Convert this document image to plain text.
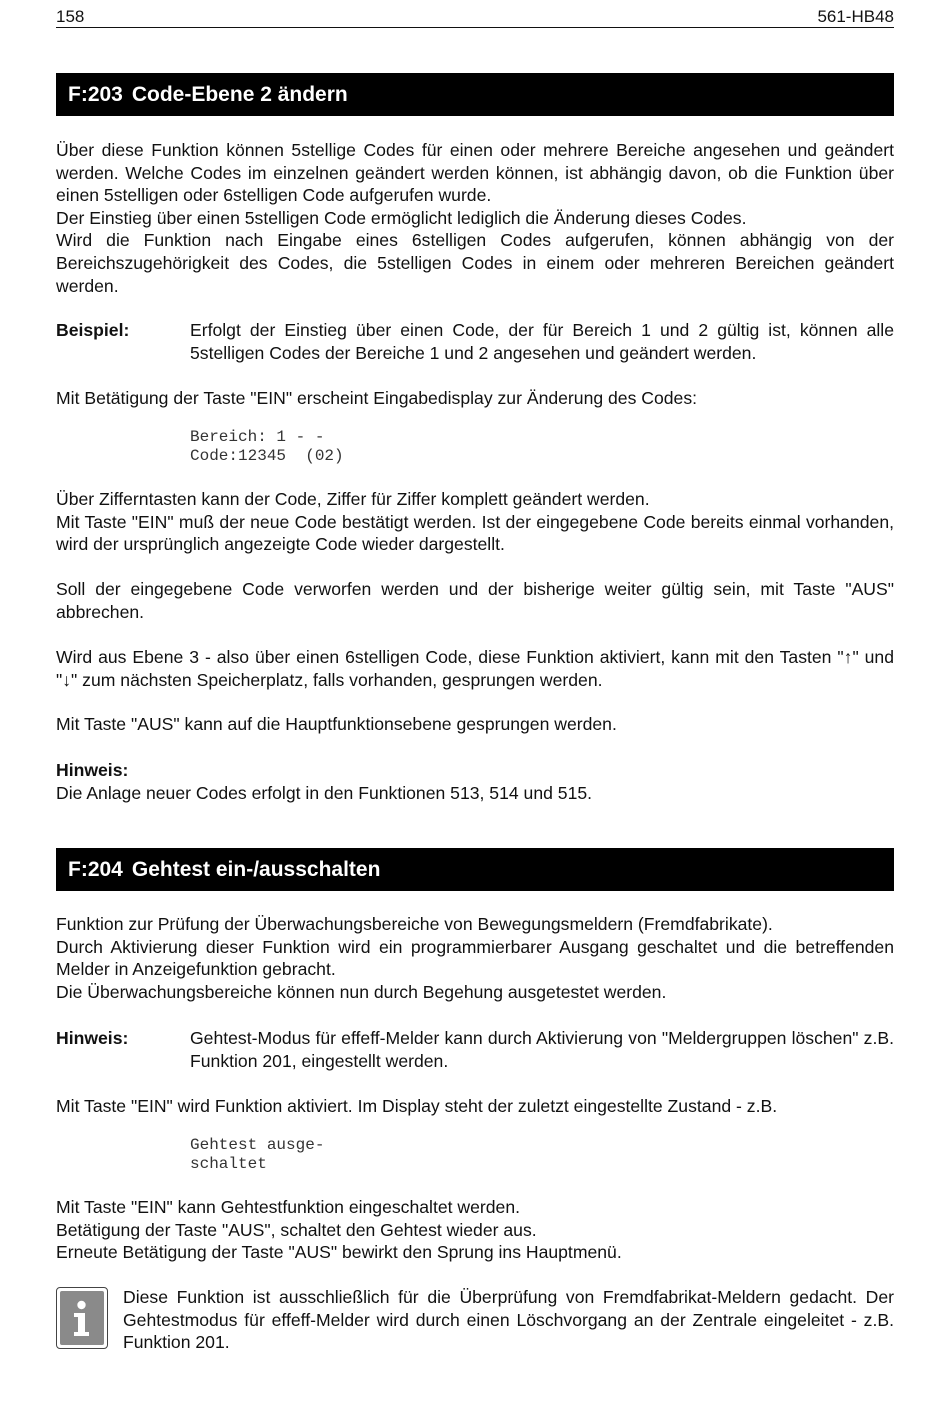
158	561-HB48
F:203 Code-Ebene 2 ändern

Über diese Funktion können 5stellige Codes für einen oder mehrere Bereiche angesehen und geändert werden. Welche Codes im einzelnen geändert werden können, ist abhängig davon, ob die Funktion über einen 5stelligen oder 6stelligen Code aufgerufen wurde.

Der Einstieg über einen 5stelligen Code ermöglicht lediglich die Änderung dieses Codes.

Wird die Funktion nach Eingabe eines 6stelligen Codes aufgerufen, können abhängig von der Bereichszugehörigkeit des Codes, die 5stelligen Codes in einem oder mehreren Bereichen geändert werden.

Beispiel:	Erfolgt der Einstieg über einen Code, der für Bereich 1 und 2 gültig ist, können alle 5stelligen Codes der Bereiche 1 und 2 angesehen und geändert werden.

Mit Betätigung der Taste "EIN" erscheint Eingabedisplay zur Änderung des Codes:

Bereich: 1 - -
Code:12345  (02)

Über Zifferntasten kann der Code, Ziffer für Ziffer komplett geändert werden.

Mit Taste "EIN" muß der neue Code bestätigt werden. Ist der eingegebene Code bereits einmal vorhanden, wird der ursprünglich angezeigte Code wieder dargestellt.

Soll der eingegebene Code verworfen werden und der bisherige weiter gültig sein, mit Taste "AUS" abbrechen.

Wird aus Ebene 3 - also über einen 6stelligen Code, diese Funktion aktiviert, kann mit den Tasten "↑" und "↓" zum nächsten Speicherplatz, falls vorhanden, gesprungen werden.

Mit Taste "AUS" kann auf die Hauptfunktionsebene gesprungen werden.

Hinweis:

Die Anlage neuer Codes erfolgt in den Funktionen 513, 514 und 515.

F:204 Gehtest ein-/ausschalten

Funktion zur Prüfung der Überwachungsbereiche von Bewegungsmeldern (Fremdfabrikate).

Durch Aktivierung dieser Funktion wird ein programmierbarer Ausgang geschaltet und die betreffenden Melder in Anzeigefunktion gebracht.

Die Überwachungsbereiche können nun durch Begehung ausgetestet werden.

Hinweis:	Gehtest-Modus für effeff-Melder kann durch Aktivierung von "Meldergruppen löschen" z.B. Funktion 201, eingestellt werden.

Mit Taste "EIN" wird Funktion aktiviert. Im Display steht der zuletzt eingestellte Zustand - z.B.

Gehtest ausge-
schaltet

Mit Taste "EIN" kann Gehtestfunktion eingeschaltet werden.

Betätigung der Taste "AUS", schaltet den Gehtest wieder aus.

Erneute Betätigung der Taste "AUS" bewirkt den Sprung ins Hauptmenü.

Diese Funktion ist ausschließlich für die Überprüfung von Fremdfabrikat-Meldern gedacht. Der Gehtestmodus für effeff-Melder wird durch einen Löschvorgang an der Zentrale eingeleitet - z.B. Funktion 201.
